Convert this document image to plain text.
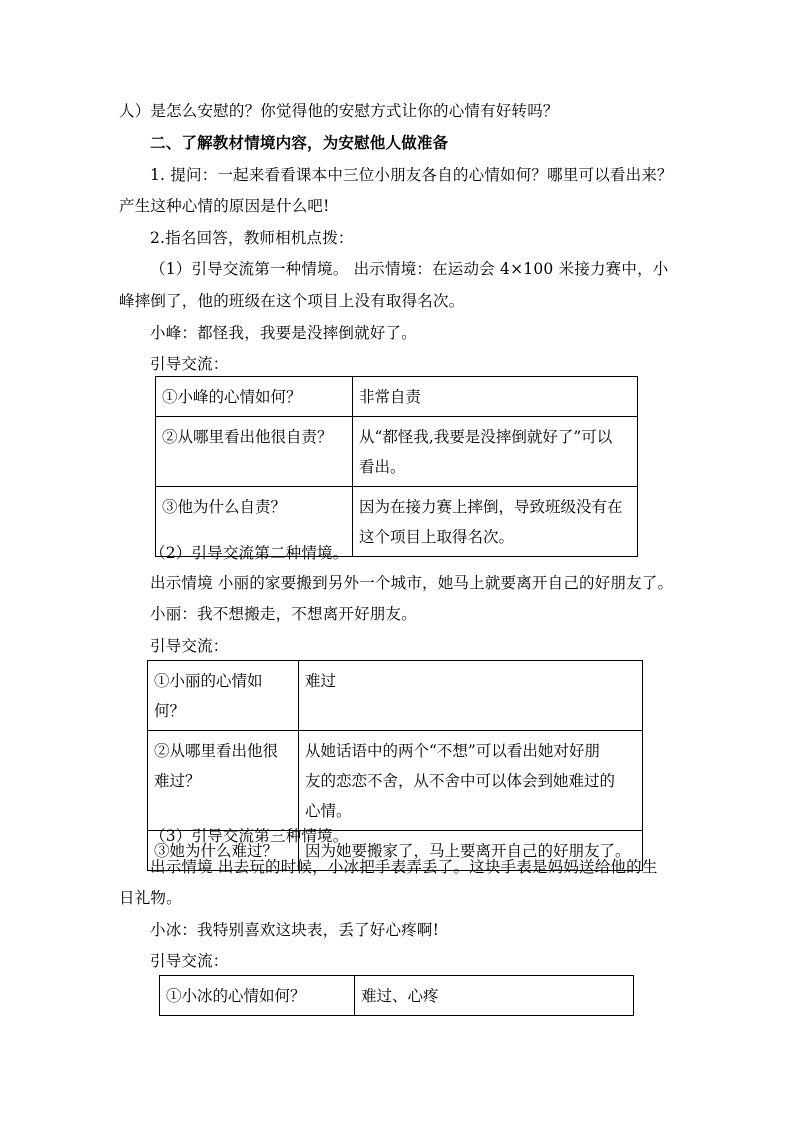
人）是怎么安慰的？你觉得他的安慰方式让你的心情有好转吗？
二、了解教材情境内容，为安慰他人做准备
1. 提问：一起来看看课本中三位小朋友各自的心情如何？哪里可以看出来？
产生这种心情的原因是什么吧!
2.指名回答，教师相机点拨：
（1）引导交流第一种情境。 出示情境：在运动会 4×100 米接力赛中，小
峰摔倒了，他的班级在这个项目上没有取得名次。
小峰：都怪我，我要是没摔倒就好了。
引导交流：
①小峰的心情如何？	非常自责
②从哪里看出他很自责？	从“都怪我,我要是没摔倒就好了”可以
看出。
③他为什么自责？	因为在接力赛上摔倒，导致班级没有在
这个项目上取得名次。
（2）引导交流第二种情境。
出示情境 小丽的家要搬到另外一个城市，她马上就要离开自己的好朋友了。
小丽：我不想搬走，不想离开好朋友。
引导交流：
①小丽的心情如何？	难过
②从哪里看出他很
难过？	从她话语中的两个“不想”可以看出她对好朋
友的恋恋不舍，从不舍中可以体会到她难过的
心情。
③她为什么难过？	因为她要搬家了，马上要离开自己的好朋友了。
（3）引导交流第三种情境。
出示情境 出去玩的时候，小冰把手表弄丢了。这块手表是妈妈送给他的生
日礼物。
小冰：我特别喜欢这块表，丢了好心疼啊!
引导交流：
①小冰的心情如何？	难过、心疼
